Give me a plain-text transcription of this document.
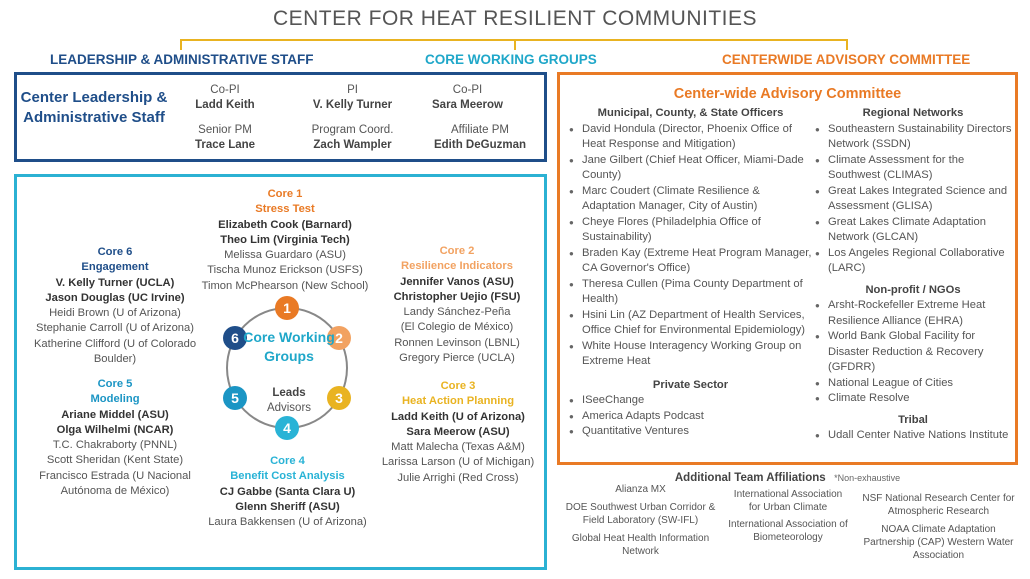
CENTER FOR HEAT RESILIENT COMMUNITIES
LEADERSHIP & ADMINISTRATIVE STAFF	CORE WORKING GROUPS	CENTERWIDE ADVISORY COMMITTEE
Center Leadership & Administrative Staff
Co-PI
Ladd Keith
PI
V. Kelly Turner
Co-PI
Sara Meerow
Senior PM
Trace Lane
Program Coord.
Zach Wampler
Affiliate PM
Edith DeGuzman
1
2
3
4
5
6 Core Working Groups
Leads
Advisors
Core 1
Stress Test
Elizabeth Cook (Barnard)
Theo Lim (Virginia Tech)
Melissa Guardaro (ASU)
Tischa Munoz Erickson (USFS)
Timon McPhearson (New School)
Core 2
Resilience Indicators
Jennifer Vanos (ASU)
Christopher Uejio (FSU)
Landy Sánchez-Peña
(El Colegio de México)
Ronnen Levinson (LBNL)
Gregory Pierce (UCLA)
Core 3
Heat Action Planning
Ladd Keith (U of Arizona)
Sara Meerow (ASU)
Matt Malecha (Texas A&M)
Larissa Larson (U of Michigan)
Julie Arrighi (Red Cross)
Core 4
Benefit Cost Analysis
CJ Gabbe (Santa Clara U)
Glenn Sheriff (ASU)
Laura Bakkensen (U of Arizona)
Core 5
Modeling
Ariane Middel (ASU)
Olga Wilhelmi (NCAR)
T.C. Chakraborty (PNNL)
Scott Sheridan (Kent State)
Francisco Estrada (U Nacional
Autónoma de México)
Core 6
Engagement
V. Kelly Turner (UCLA)
Jason Douglas (UC Irvine)
Heidi Brown (U of Arizona)
Stephanie Carroll (U of Arizona)
Katherine Clifford (U of Colorado
Boulder)
Center-wide Advisory Committee
Municipal, County, & State Officers
● David Hondula (Director, Phoenix Office of Heat Response and Mitigation)
● Jane Gilbert (Chief Heat Officer, Miami-Dade County)
● Marc Coudert (Climate Resilience & Adaptation Manager, City of Austin)
● Cheye Flores (Philadelphia Office of Sustainability)
● Braden Kay (Extreme Heat Program Manager, CA Governor's Office)
● Theresa Cullen (Pima County Department of Health)
● Hsini Lin (AZ Department of Health Services, Office Chief for Environmental Epidemiology)
● White House Interagency Working Group on Extreme Heat
Private Sector
● ISeeChange
● America Adapts Podcast
● Quantitative Ventures
Regional Networks
● Southeastern Sustainability Directors Network (SSDN)
● Climate Assessment for the Southwest (CLIMAS)
● Great Lakes Integrated Science and Assessment (GLISA)
● Great Lakes Climate Adaptation Network (GLCAN)
● Los Angeles Regional Collaborative (LARC)
Non-profit / NGOs
● Arsht-Rockefeller Extreme Heat Resilience Alliance (EHRA)
● World Bank Global Facility for Disaster Reduction & Recovery (GFDRR)
● National League of Cities
● Climate Resolve
Tribal
● Udall Center Native Nations Institute
Additional Team Affiliations *Non-exhaustive
Alianza MX
DOE Southwest Urban Corridor & Field Laboratory (SW-IFL)
Global Heat Health Information Network
International Association for Urban Climate
International Association of Biometeorology
NSF National Research Center for Atmospheric Research
NOAA Climate Adaptation Partnership (CAP) Western Water Association
